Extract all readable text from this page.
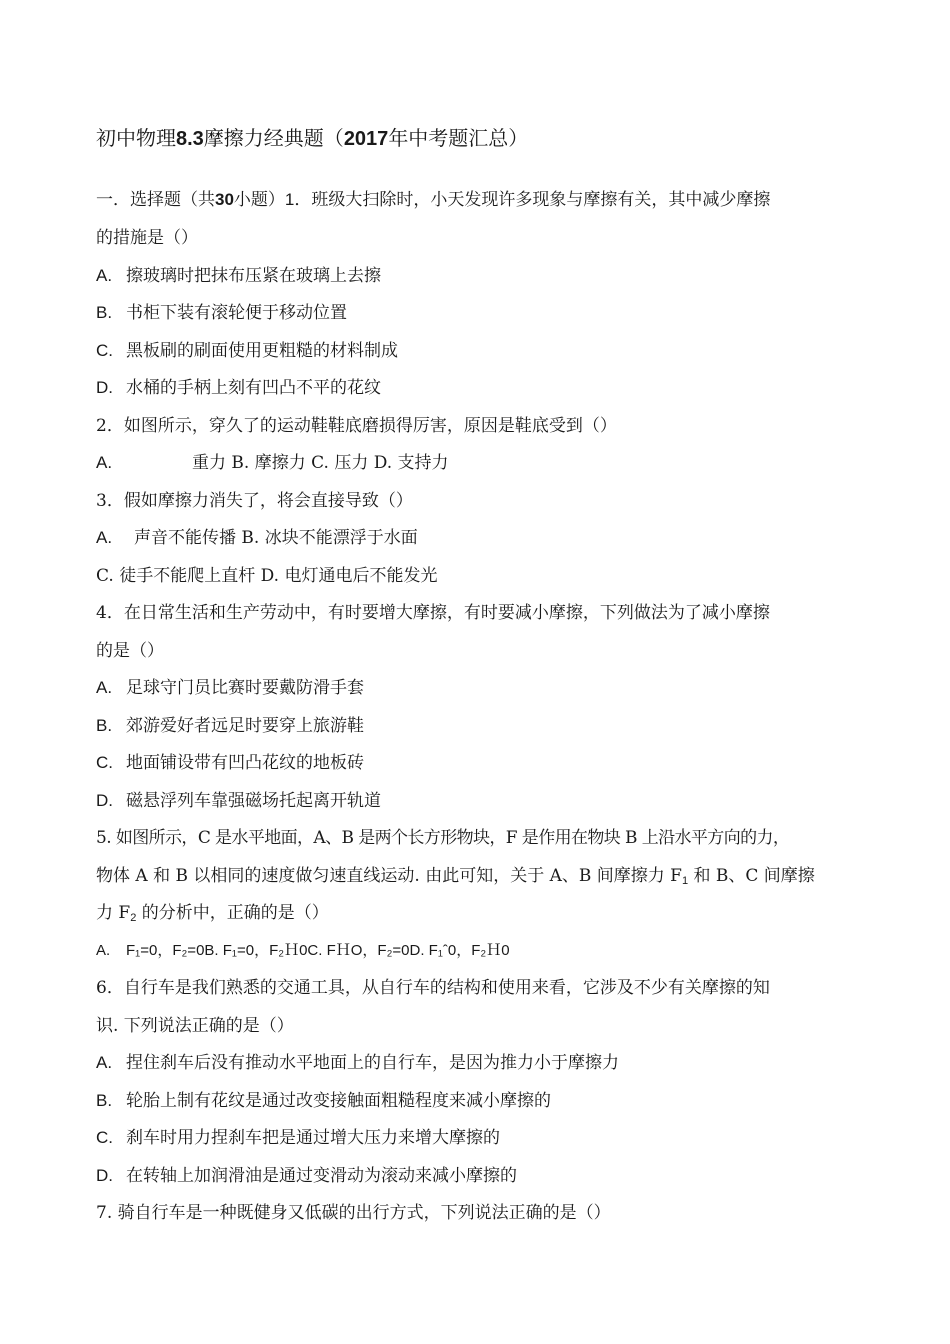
初中物理8.3摩擦力经典题（2017年中考题汇总）
一．选择题（共30小题）1．班级大扫除时，小天发现许多现象与摩擦有关，其中减少摩擦
的措施是（）
A. 擦玻璃时把抹布压紧在玻璃上去擦
B. 书柜下装有滚轮便于移动位置
C. 黑板刷的刷面使用更粗糙的材料制成
D. 水桶的手柄上刻有凹凸不平的花纹
2．如图所示，穿久了的运动鞋鞋底磨损得厉害，原因是鞋底受到（）
A.	重力 B. 摩擦力 C. 压力 D. 支持力
3．假如摩擦力消失了，将会直接导致（）
A. 声音不能传播 B. 冰块不能漂浮于水面
C. 徒手不能爬上直杆 D. 电灯通电后不能发光
4．在日常生活和生产劳动中，有时要增大摩擦，有时要减小摩擦，下列做法为了减小摩擦
的是（）
A. 足球守门员比赛时要戴防滑手套
B. 郊游爱好者远足时要穿上旅游鞋
C. 地面铺设带有凹凸花纹的地板砖
D. 磁悬浮列车靠强磁场托起离开轨道
5. 如图所示，C 是水平地面，A、B 是两个长方形物块，F 是作用在物块 B 上沿水平方向的力，
物体 A 和 B 以相同的速度做匀速直线运动. 由此可知，关于 A、B 间摩擦力 $F_1$ 和 B、C 间摩擦
力 $F_2$ 的分析中，正确的是（）
A. F₁=0，F₂=0B. F₁=0，F₂Ｈ0C. FＨO，F₂=0D. F₁ˆ0，F₂Ｈ0
6．自行车是我们熟悉的交通工具，从自行车的结构和使用来看，它涉及不少有关摩擦的知
识. 下列说法正确的是（）
A. 捏住刹车后没有推动水平地面上的自行车，是因为推力小于摩擦力
B. 轮胎上制有花纹是通过改变接触面粗糙程度来减小摩擦的
C. 刹车时用力捏刹车把是通过增大压力来增大摩擦的
D. 在转轴上加润滑油是通过变滑动为滚动来减小摩擦的
7. 骑自行车是一种既健身又低碳的出行方式，下列说法正确的是（）
